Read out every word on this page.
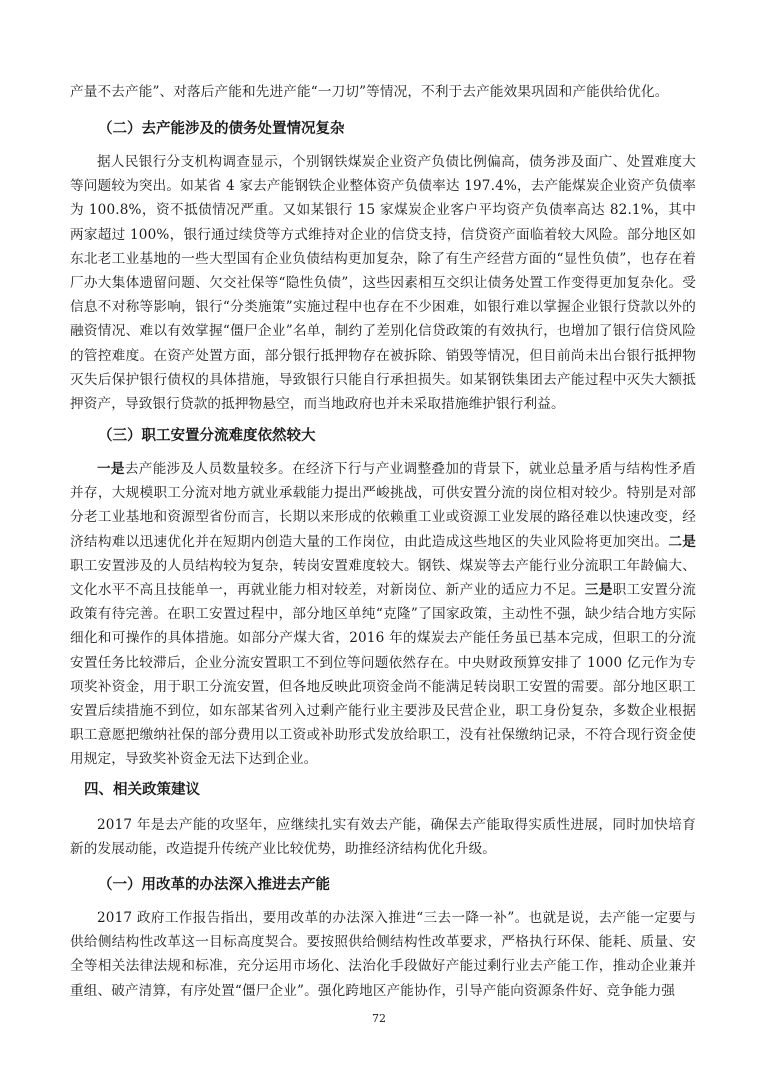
产量不去产能”、对落后产能和先进产能“一刀切”等情况，不利于去产能效果巩固和产能供给优化。

（二）去产能涉及的债务处置情况复杂

据人民银行分支机构调查显示，个别钢铁煤炭企业资产负债比例偏高，债务涉及面广、处置难度大等问题较为突出。如某省 4 家去产能钢铁企业整体资产负债率达 197.4%，去产能煤炭企业资产负债率为 100.8%，资不抵债情况严重。又如某银行 15 家煤炭企业客户平均资产负债率高达 82.1%，其中两家超过 100%，银行通过续贷等方式维持对企业的信贷支持，信贷资产面临着较大风险。部分地区如东北老工业基地的一些大型国有企业负债结构更加复杂，除了有生产经营方面的“显性负债”，也存在着厂办大集体遗留问题、欠交社保等“隐性负债”，这些因素相互交织让债务处置工作变得更加复杂化。受信息不对称等影响，银行“分类施策”实施过程中也存在不少困难，如银行难以掌握企业银行贷款以外的融资情况、难以有效掌握“僵尸企业”名单，制约了差别化信贷政策的有效执行，也增加了银行信贷风险的管控难度。在资产处置方面，部分银行抵押物存在被拆除、销毁等情况，但目前尚未出台银行抵押物灭失后保护银行债权的具体措施，导致银行只能自行承担损失。如某钢铁集团去产能过程中灭失大额抵押资产，导致银行贷款的抵押物悬空，而当地政府也并未采取措施维护银行利益。

（三）职工安置分流难度依然较大

一是去产能涉及人员数量较多。在经济下行与产业调整叠加的背景下，就业总量矛盾与结构性矛盾并存，大规模职工分流对地方就业承载能力提出严峻挑战，可供安置分流的岗位相对较少。特别是对部分老工业基地和资源型省份而言，长期以来形成的依赖重工业或资源工业发展的路径难以快速改变，经济结构难以迅速优化并在短期内创造大量的工作岗位，由此造成这些地区的失业风险将更加突出。二是职工安置涉及的人员结构较为复杂，转岗安置难度较大。钢铁、煤炭等去产能行业分流职工年龄偏大、文化水平不高且技能单一，再就业能力相对较差，对新岗位、新产业的适应力不足。三是职工安置分流政策有待完善。在职工安置过程中，部分地区单纯“克隆”了国家政策，主动性不强，缺少结合地方实际细化和可操作的具体措施。如部分产煤大省，2016 年的煤炭去产能任务虽已基本完成，但职工的分流安置任务比较滞后，企业分流安置职工不到位等问题依然存在。中央财政预算安排了 1000 亿元作为专项奖补资金，用于职工分流安置，但各地反映此项资金尚不能满足转岗职工安置的需要。部分地区职工安置后续措施不到位，如东部某省列入过剩产能行业主要涉及民营企业，职工身份复杂，多数企业根据职工意愿把缴纳社保的部分费用以工资或补助形式发放给职工，没有社保缴纳记录，不符合现行资金使用规定，导致奖补资金无法下达到企业。

四、相关政策建议

2017 年是去产能的攻坚年，应继续扎实有效去产能，确保去产能取得实质性进展，同时加快培育新的发展动能，改造提升传统产业比较优势，助推经济结构优化升级。

（一）用改革的办法深入推进去产能

2017 政府工作报告指出，要用改革的办法深入推进“三去一降一补”。也就是说，去产能一定要与供给侧结构性改革这一目标高度契合。要按照供给侧结构性改革要求，严格执行环保、能耗、质量、安全等相关法律法规和标准，充分运用市场化、法治化手段做好产能过剩行业去产能工作，推动企业兼并重组、破产清算，有序处置“僵尸企业”。强化跨地区产能协作，引导产能向资源条件好、竞争能力强

72
